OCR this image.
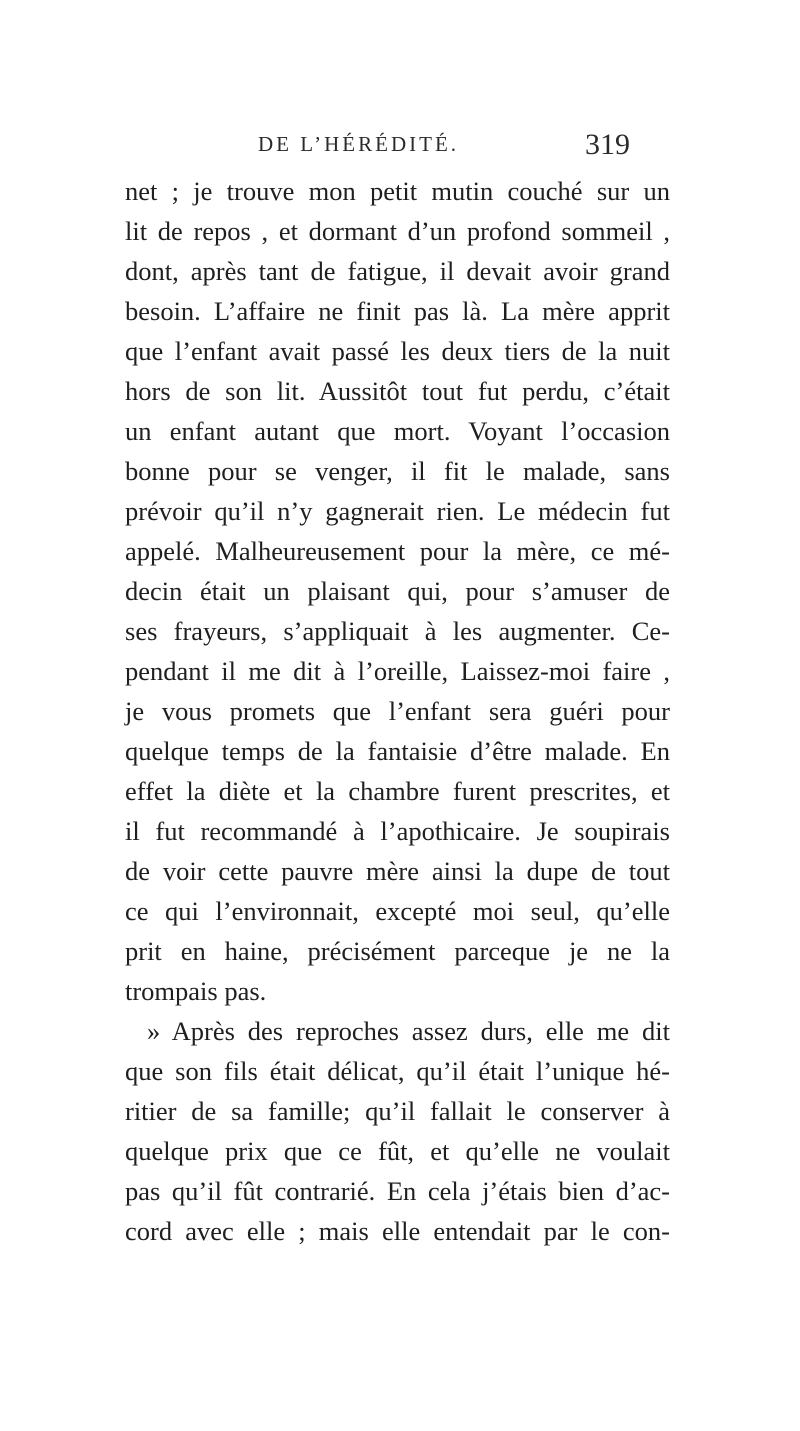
DE L’HÉRÉDITÉ.	319
net ; je trouve mon petit mutin couché sur un
lit de repos , et dormant d’un profond sommeil ,
dont, après tant de fatigue, il devait avoir grand
besoin. L’affaire ne finit pas là. La mère apprit
que l’enfant avait passé les deux tiers de la nuit
hors de son lit. Aussitôt tout fut perdu, c’était
un enfant autant que mort. Voyant l’occasion
bonne pour se venger, il fit le malade, sans
prévoir qu’il n’y gagnerait rien. Le médecin fut
appelé. Malheureusement pour la mère, ce mé-
decin était un plaisant qui, pour s’amuser de
ses frayeurs, s’appliquait à les augmenter. Ce-
pendant il me dit à l’oreille, Laissez-moi faire ,
je vous promets que l’enfant sera guéri pour
quelque temps de la fantaisie d’être malade. En
effet la diète et la chambre furent prescrites, et
il fut recommandé à l’apothicaire. Je soupirais
de voir cette pauvre mère ainsi la dupe de tout
ce qui l’environnait, excepté moi seul, qu’elle
prit en haine, précisément parceque je ne la
trompais pas.
» Après des reproches assez durs, elle me dit
que son fils était délicat, qu’il était l’unique hé-
ritier de sa famille; qu’il fallait le conserver à
quelque prix que ce fût, et qu’elle ne voulait
pas qu’il fût contrarié. En cela j’étais bien d’ac-
cord avec elle ; mais elle entendait par le con-
